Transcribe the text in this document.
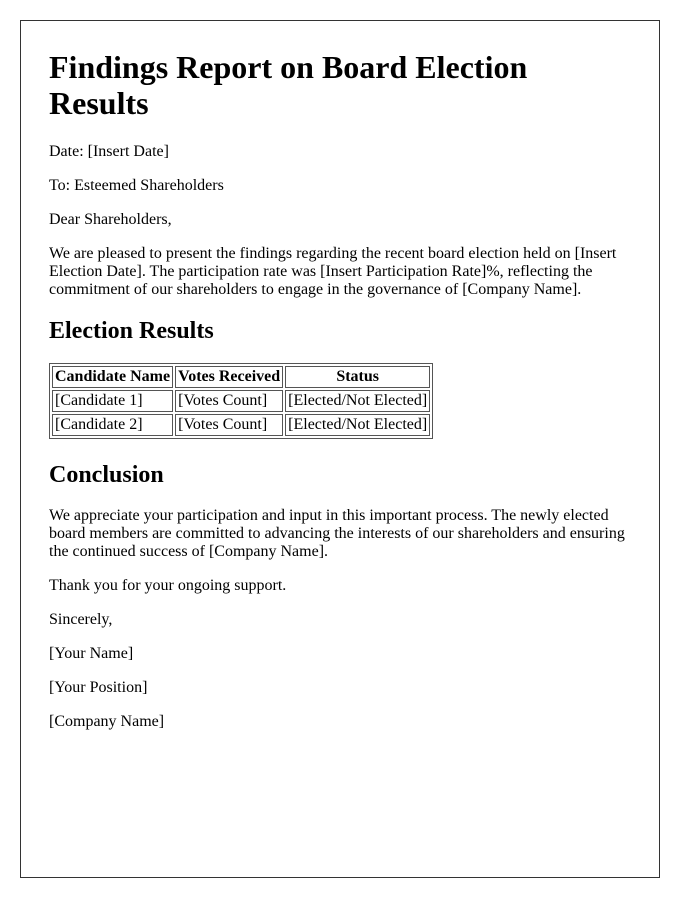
Findings Report on Board Election Results

Date: [Insert Date]

To: Esteemed Shareholders

Dear Shareholders,

We are pleased to present the findings regarding the recent board election held on [Insert Election Date]. The participation rate was [Insert Participation Rate]%, reflecting the commitment of our shareholders to engage in the governance of [Company Name].

Election Results
Candidate Name	Votes Received	Status
[Candidate 1]	[Votes Count]	[Elected/Not Elected]
[Candidate 2]	[Votes Count]	[Elected/Not Elected]
Conclusion

We appreciate your participation and input in this important process. The newly elected board members are committed to advancing the interests of our shareholders and ensuring the continued success of [Company Name].

Thank you for your ongoing support.

Sincerely,

[Your Name]

[Your Position]

[Company Name]
